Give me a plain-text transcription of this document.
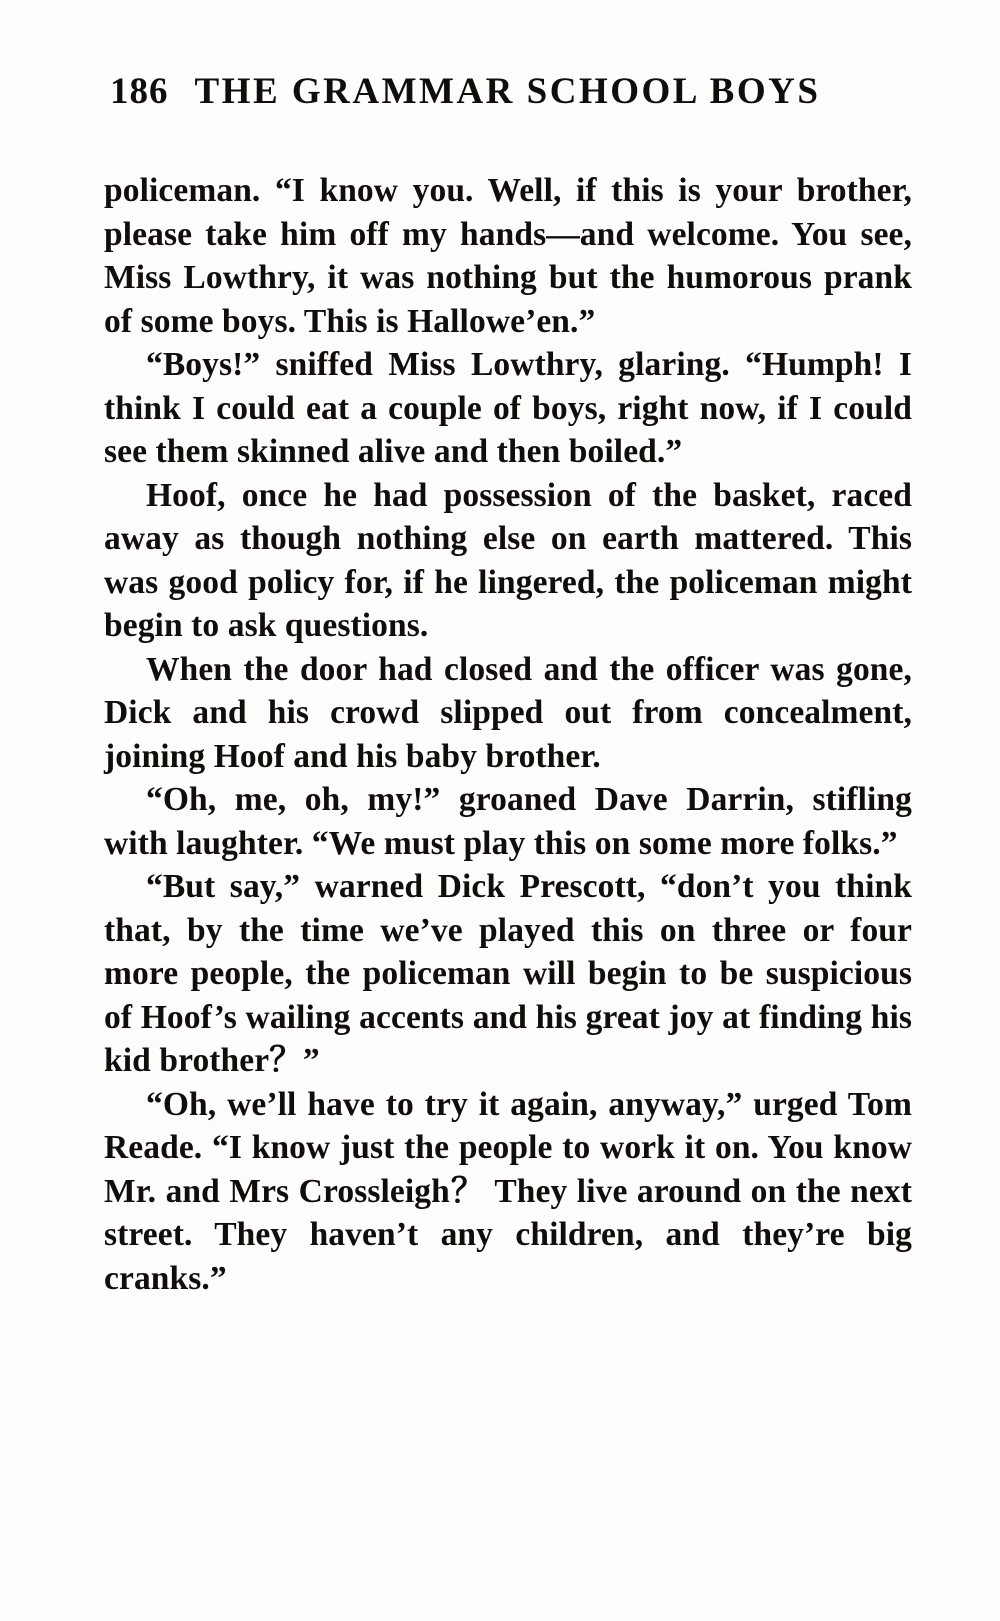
186 THE GRAMMAR SCHOOL BOYS

policeman. “I know you. Well, if this is your brother, please take him off my hands—and welcome. You see, Miss Lowthry, it was nothing but the humorous prank of some boys. This is Hallowe’en.”

“Boys!” sniffed Miss Lowthry, glaring. “Humph! I think I could eat a couple of boys, right now, if I could see them skinned alive and then boiled.”

Hoof, once he had possession of the basket, raced away as though nothing else on earth mattered. This was good policy for, if he lingered, the policeman might begin to ask questions.

When the door had closed and the officer was gone, Dick and his crowd slipped out from concealment, joining Hoof and his baby brother.

“Oh, me, oh, my!” groaned Dave Darrin, stifling with laughter. “We must play this on some more folks.”

“But say,” warned Dick Prescott, “don’t you think that, by the time we’ve played this on three or four more people, the policeman will begin to be suspicious of Hoof’s wailing accents and his great joy at finding his kid brother？”

“Oh, we’ll have to try it again, anyway,” urged Tom Reade. “I know just the people to work it on. You know Mr. and Mrs Crossleigh？ They live around on the next street. They haven’t any children, and they’re big cranks.”
